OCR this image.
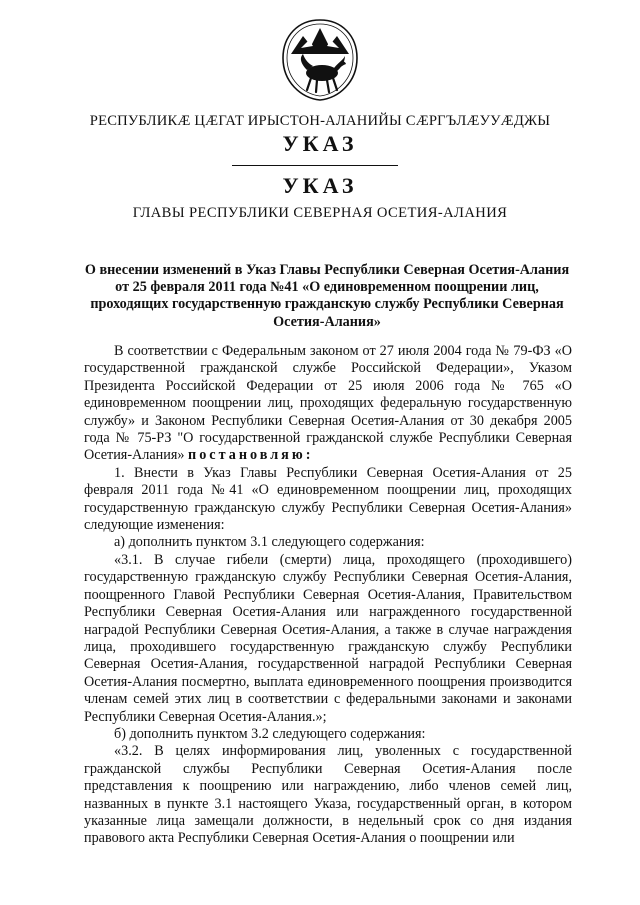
РЕСПУБЛИКӔ ЦӔГАТ ИРЫСТОН-АЛАНИЙЫ СӔРГЪЛӔУУӔДЖЫ
УКАЗ
УКАЗ
ГЛАВЫ РЕСПУБЛИКИ СЕВЕРНАЯ ОСЕТИЯ-АЛАНИЯ
О внесении изменений в Указ Главы Республики Северная Осетия-Алания от 25 февраля 2011 года №41 «О единовременном поощрении лиц, проходящих государственную гражданскую службу Республики Северная Осетия-Алания»

В соответствии с Федеральным законом от 27 июля 2004 года № 79-ФЗ «О государственной гражданской службе Российской Федерации», Указом Президента Российской Федерации от 25 июля 2006 года № 765 «О единовременном поощрении лиц, проходящих федеральную государственную службу» и Законом Республики Северная Осетия-Алания от 30 декабря 2005 года № 75-РЗ "О государственной гражданской службе Республики Северная Осетия-Алания» постановляю:

1. Внести в Указ Главы Республики Северная Осетия-Алания от 25 февраля 2011 года №41 «О единовременном поощрении лиц, проходящих государственную гражданскую службу Республики Северная Осетия-Алания» следующие изменения:

а) дополнить пунктом 3.1 следующего содержания:

«3.1. В случае гибели (смерти) лица, проходящего (проходившего) государственную гражданскую службу Республики Северная Осетия-Алания, поощренного Главой Республики Северная Осетия-Алания, Правительством Республики Северная Осетия-Алания или награжденного государственной наградой Республики Северная Осетия-Алания, а также в случае награждения лица, проходившего государственную гражданскую службу Республики Северная Осетия-Алания, государственной наградой Республики Северная Осетия-Алания посмертно, выплата единовременного поощрения производится членам семей этих лиц в соответствии с федеральными законами и законами Республики Северная Осетия-Алания.»;

б) дополнить пунктом 3.2 следующего содержания:

«3.2. В целях информирования лиц, уволенных с государственной гражданской службы Республики Северная Осетия-Алания после представления к поощрению или награждению, либо членов семей лиц, названных в пункте 3.1 настоящего Указа, государственный орган, в котором указанные лица замещали должности, в недельный срок со дня издания правового акта Республики Северная Осетия-Алания о поощрении или
